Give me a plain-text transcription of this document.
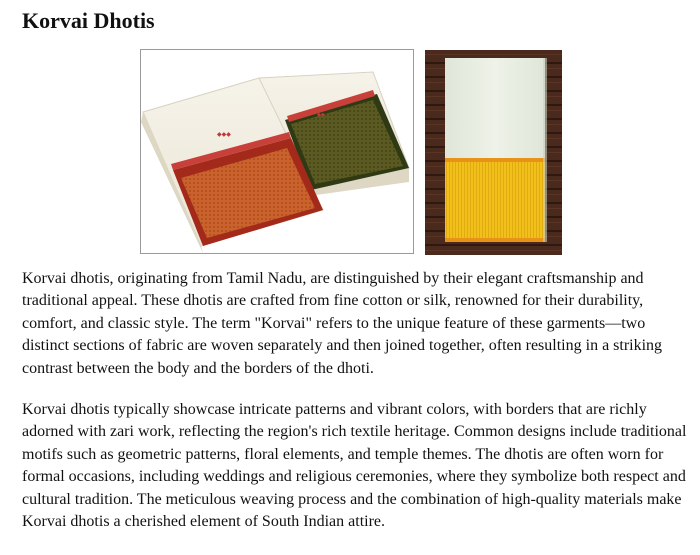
Korvai Dhotis
◆◆◆
◆◆

Korvai dhotis, originating from Tamil Nadu, are distinguished by their elegant craftsmanship and traditional appeal. These dhotis are crafted from fine cotton or silk, renowned for their durability, comfort, and classic style. The term "Korvai" refers to the unique feature of these garments—two distinct sections of fabric are woven separately and then joined together, often resulting in a striking contrast between the body and the borders of the dhoti.

Korvai dhotis typically showcase intricate patterns and vibrant colors, with borders that are richly adorned with zari work, reflecting the region's rich textile heritage. Common designs include traditional motifs such as geometric patterns, floral elements, and temple themes. The dhotis are often worn for formal occasions, including weddings and religious ceremonies, where they symbolize both respect and cultural tradition. The meticulous weaving process and the combination of high-quality materials make Korvai dhotis a cherished element of South Indian attire.
